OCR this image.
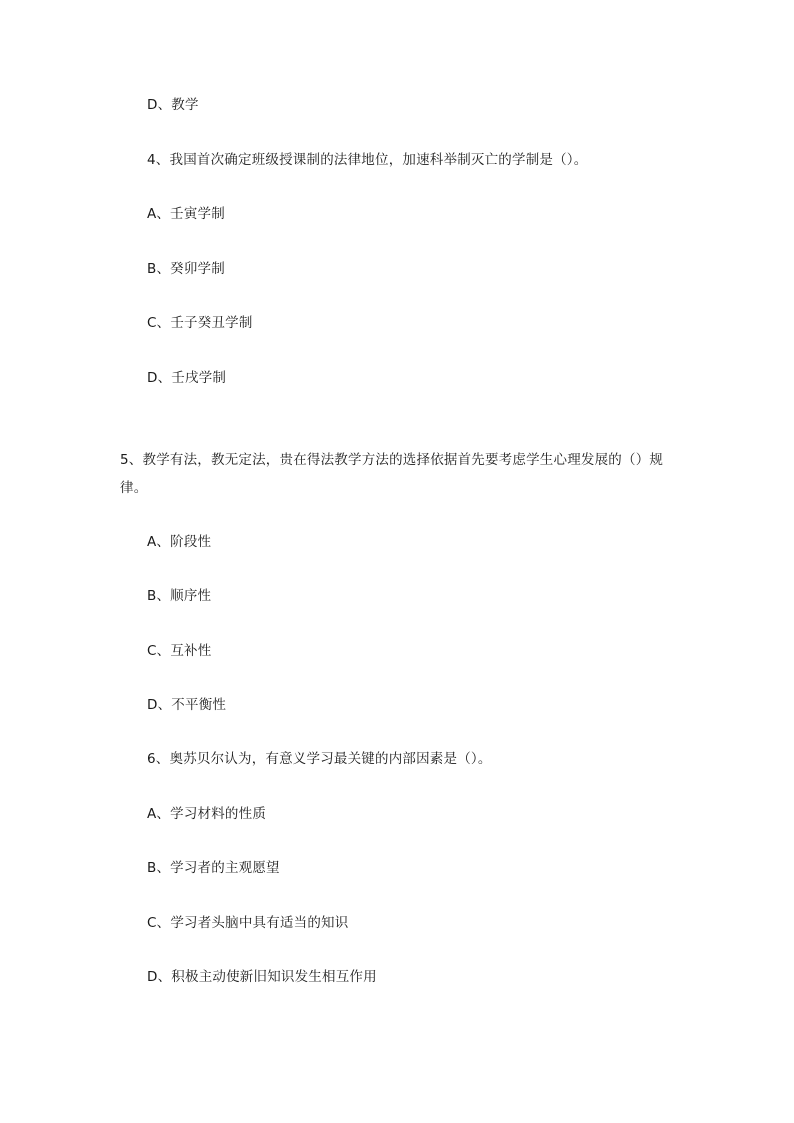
D、教学
4、我国首次确定班级授课制的法律地位，加速科举制灭亡的学制是（）。
A、壬寅学制
B、癸卯学制
C、壬子癸丑学制
D、壬戌学制
5、教学有法，教无定法，贵在得法教学方法的选择依据首先要考虑学生心理发展的（）规
律。
A、阶段性
B、顺序性
C、互补性
D、不平衡性
6、奥苏贝尔认为，有意义学习最关键的内部因素是（）。
A、学习材料的性质
B、学习者的主观愿望
C、学习者头脑中具有适当的知识
D、积极主动使新旧知识发生相互作用
